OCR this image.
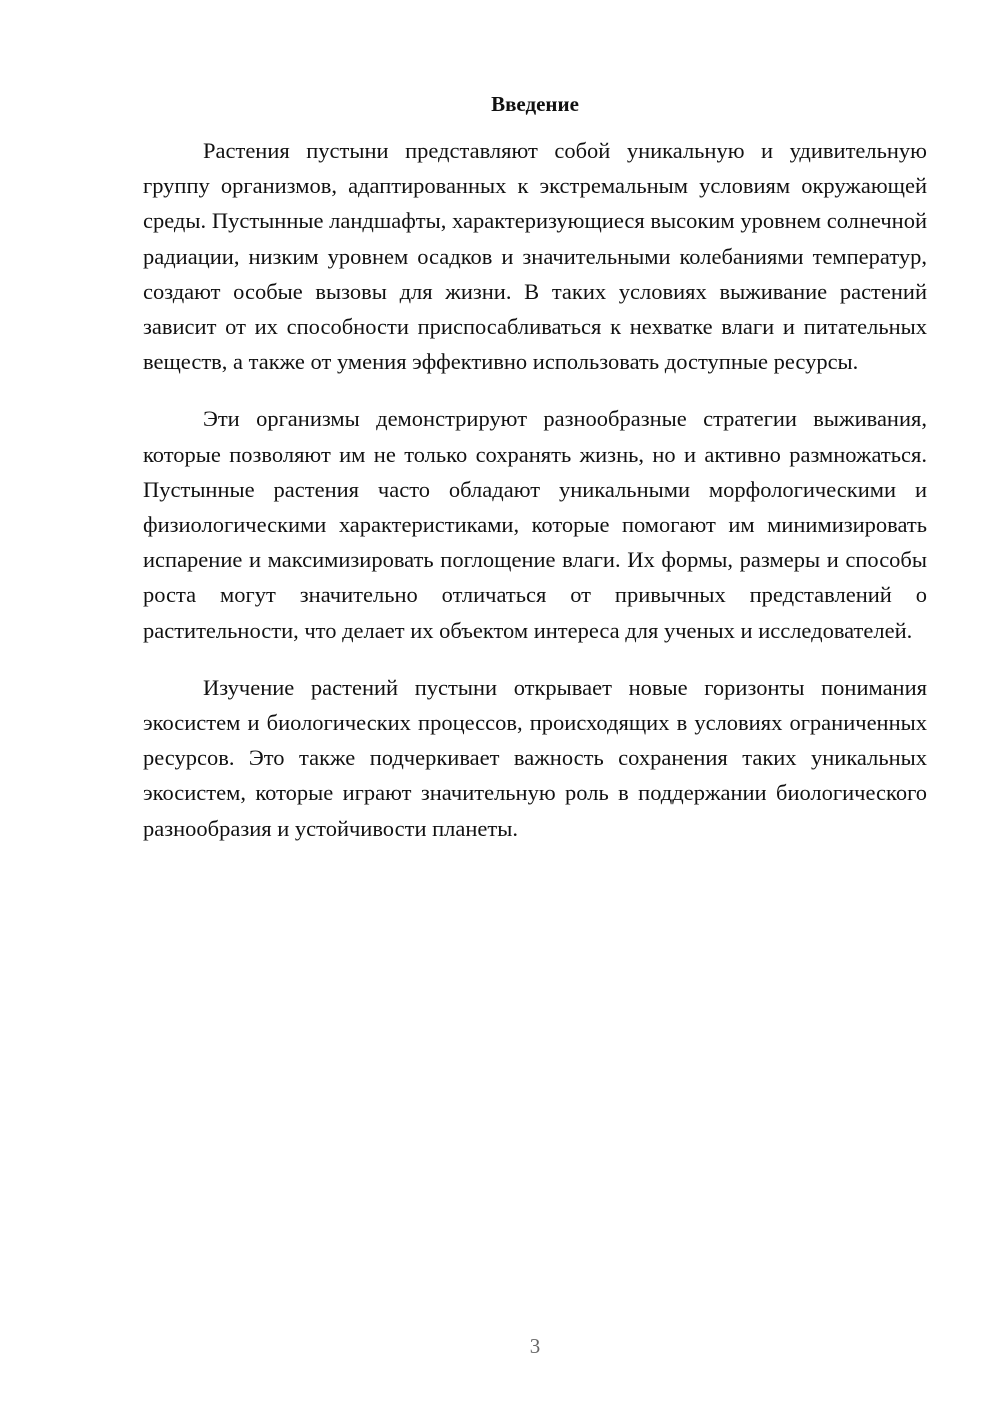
Введение

Растения пустыни представляют собой уникальную и удивительную группу организмов, адаптированных к экстремальным условиям окружающей среды. Пустынные ландшафты, характеризующиеся высоким уровнем солнечной радиации, низким уровнем осадков и значительными колебаниями температур, создают особые вызовы для жизни. В таких условиях выживание растений зависит от их способности приспосабливаться к нехватке влаги и питательных веществ, а также от умения эффективно использовать доступные ресурсы.

Эти организмы демонстрируют разнообразные стратегии выживания, которые позволяют им не только сохранять жизнь, но и активно размножаться. Пустынные растения часто обладают уникальными морфологическими и физиологическими характеристиками, которые помогают им минимизировать испарение и максимизировать поглощение влаги. Их формы, размеры и способы роста могут значительно отличаться от привычных представлений о растительности, что делает их объектом интереса для ученых и исследователей.

Изучение растений пустыни открывает новые горизонты понимания экосистем и биологических процессов, происходящих в условиях ограниченных ресурсов. Это также подчеркивает важность сохранения таких уникальных экосистем, которые играют значительную роль в поддержании биологического разнообразия и устойчивости планеты.

3
